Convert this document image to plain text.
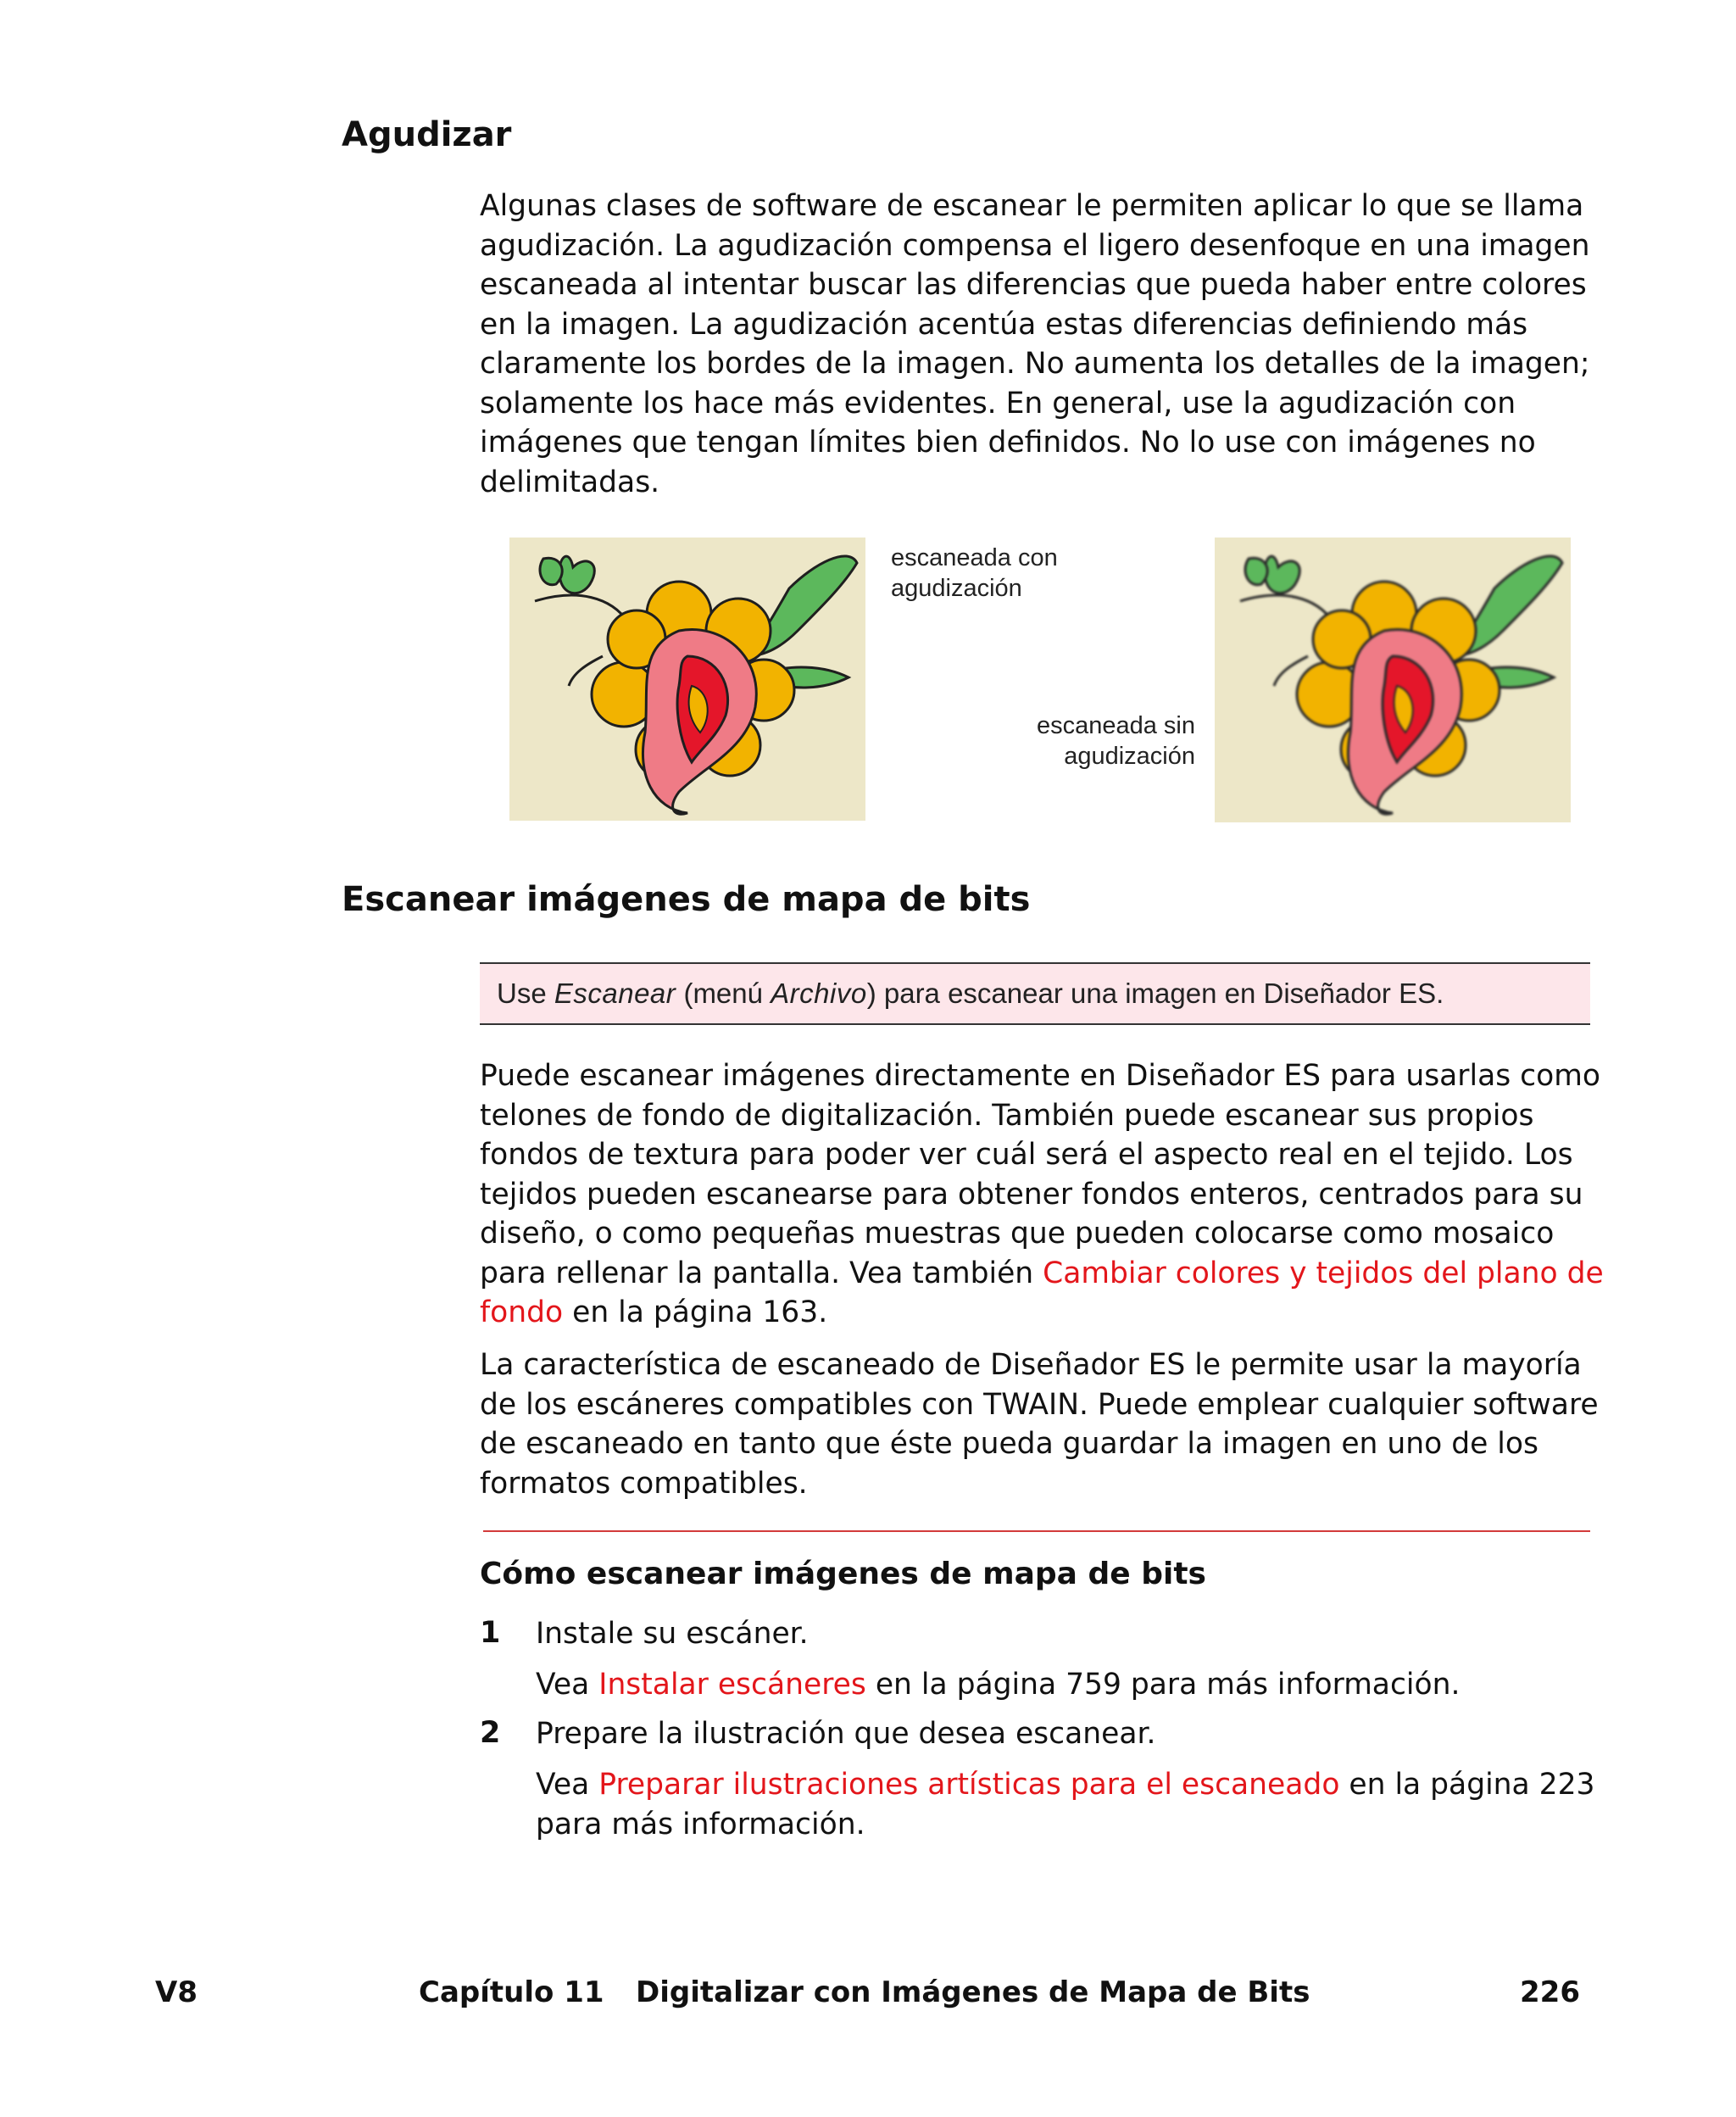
Agudizar
Algunas clases de software de escanear le permiten aplicar lo que se llama
agudización. La agudización compensa el ligero desenfoque en una imagen
escaneada al intentar buscar las diferencias que pueda haber entre colores
en la imagen. La agudización acentúa estas diferencias definiendo más
claramente los bordes de la imagen. No aumenta los detalles de la imagen;
solamente los hace más evidentes. En general, use la agudización con
imágenes que tengan límites bien definidos. No lo use con imágenes no
delimitadas.
escaneada con
agudización
escaneada sin
agudización
Escanear imágenes de mapa de bits
Use Escanear (menú Archivo) para escanear una imagen en Diseñador ES.
Puede escanear imágenes directamente en Diseñador ES para usarlas como
telones de fondo de digitalización. También puede escanear sus propios
fondos de textura para poder ver cuál será el aspecto real en el tejido. Los
tejidos pueden escanearse para obtener fondos enteros, centrados para su
diseño, o como pequeñas muestras que pueden colocarse como mosaico
para rellenar la pantalla. Vea también Cambiar colores y tejidos del plano de
fondo en la página 163.
La característica de escaneado de Diseñador ES le permite usar la mayoría
de los escáneres compatibles con TWAIN. Puede emplear cualquier software
de escaneado en tanto que éste pueda guardar la imagen en uno de los
formatos compatibles.
Cómo escanear imágenes de mapa de bits
1 Instale su escáner.
Vea Instalar escáneres en la página 759 para más información.
2 Prepare la ilustración que desea escanear.
Vea Preparar ilustraciones artísticas para el escaneado en la página 223
para más información.
V8	Capítulo 11 Digitalizar con Imágenes de Mapa de Bits	226
